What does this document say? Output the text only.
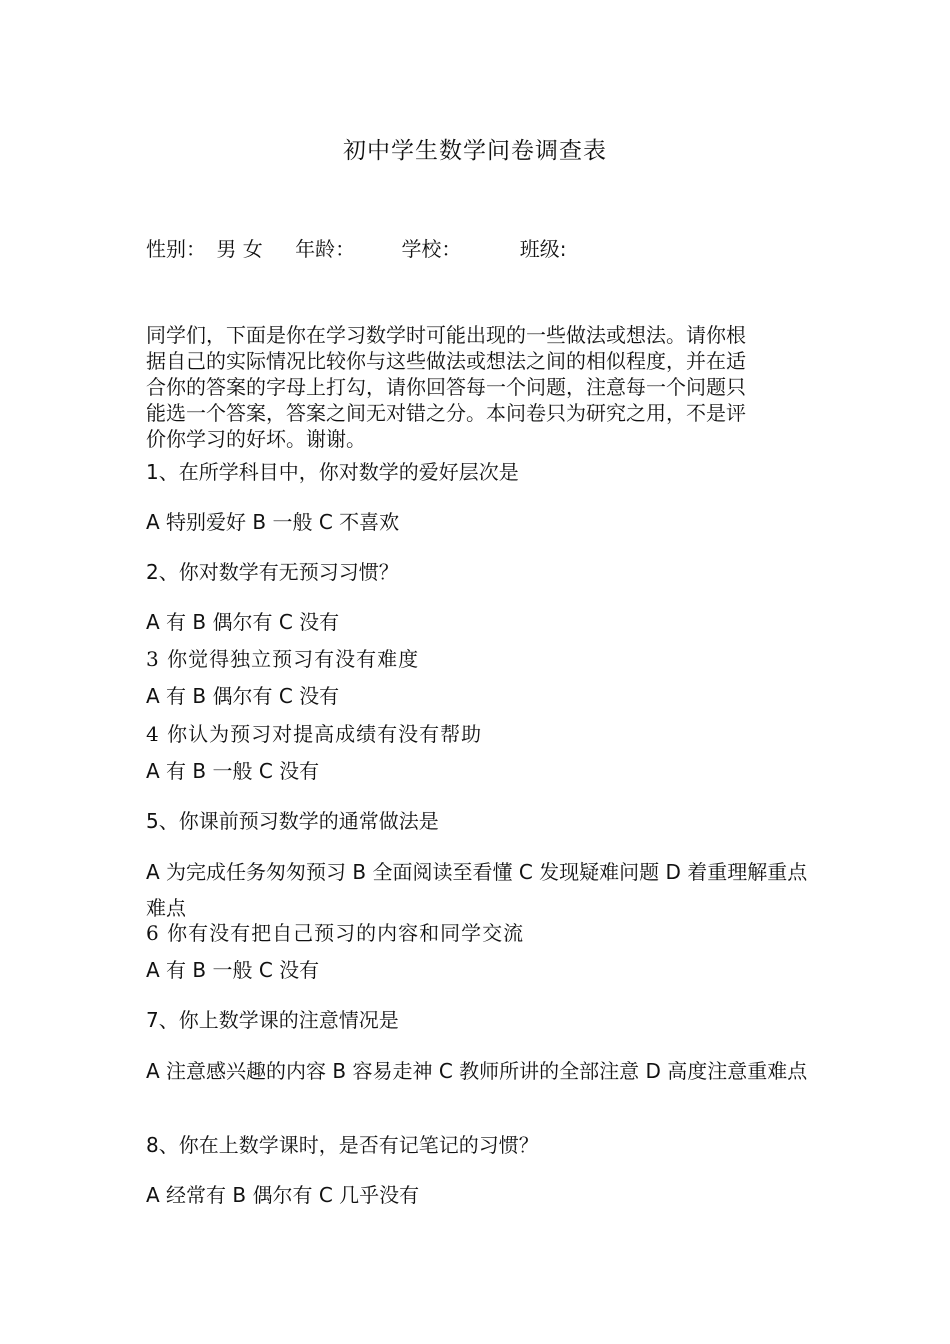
初中学生数学问卷调查表
性别： 男 女 年龄： 学校：	班级:
同学们，下面是你在学习数学时可能出现的一些做法或想法。请你根
据自己的实际情况比较你与这些做法或想法之间的相似程度，并在适
合你的答案的字母上打勾，请你回答每一个问题，注意每一个问题只
能选一个答案，答案之间无对错之分。本问卷只为研究之用，不是评
价你学习的好坏。谢谢。
1、在所学科目中，你对数学的爱好层次是
A 特别爱好 B 一般 C 不喜欢
2、你对数学有无预习习惯？
A 有 B 偶尔有 C 没有
3 你觉得独立预习有没有难度
A 有 B 偶尔有 C 没有
4 你认为预习对提高成绩有没有帮助
A 有 B 一般 C 没有
5、你课前预习数学的通常做法是
A 为完成任务匆匆预习 B 全面阅读至看懂 C 发现疑难问题 D 着重理解重点难点
6 你有没有把自己预习的内容和同学交流
A 有 B 一般 C 没有
7、你上数学课的注意情况是
A 注意感兴趣的内容 B 容易走神 C 教师所讲的全部注意 D 高度注意重难点
8、你在上数学课时，是否有记笔记的习惯？
A 经常有 B 偶尔有 C 几乎没有
